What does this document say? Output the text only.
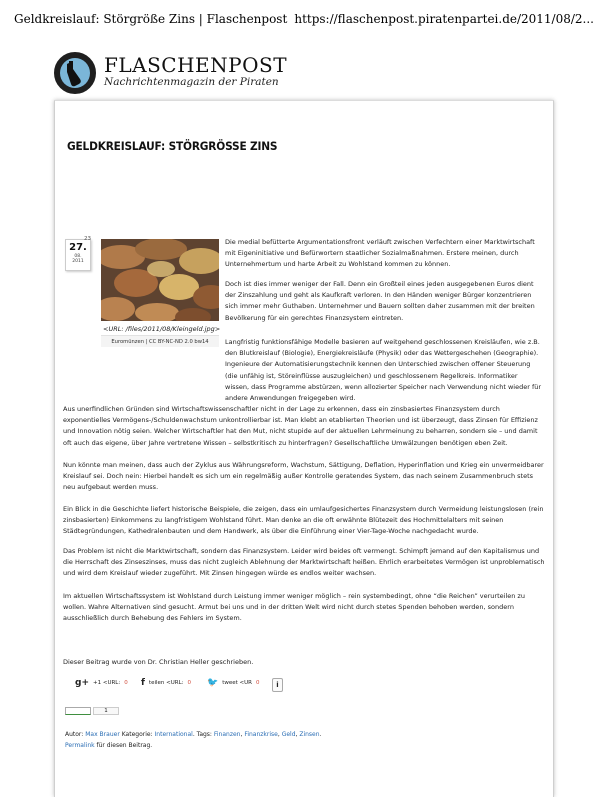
Geldkreislauf: Störgröße Zins | Flaschenpost https://flaschenpost.piratenpartei.de/2011/08/2...
FLASCHENPOST
Nachrichtenmagazin der Piraten
GELDKREISLAUF: STÖRGRÖSSE ZINS
27.
08.
2011
23
<URL: /files/2011/08/Kleingeld.jpg>
Euromünzen | CC BY-NC-ND 2.0 bw14

Die medial befütterte Argumentationsfront verläuft zwischen Verfechtern einer Marktwirtschaft mit Eigeninitiative und Befürwortern staatlicher Sozialmaßnahmen. Erstere meinen, durch Unternehmertum und harte Arbeit zu Wohlstand kommen zu können.

Doch ist dies immer weniger der Fall. Denn ein Großteil eines jeden ausgegebenen Euros dient der Zinszahlung und geht als Kaufkraft verloren. In den Händen weniger Bürger konzentrieren sich immer mehr Guthaben. Unternehmer und Bauern sollten daher zusammen mit der breiten Bevölkerung für ein gerechtes Finanzsystem eintreten.

Langfristig funktionsfähige Modelle basieren auf weitgehend geschlossenen Kreisläufen, wie z.B. den Blutkreislauf (Biologie), Energiekreisläufe (Physik) oder das Wettergeschehen (Geographie). Ingenieure der Automatisierungstechnik kennen den Unterschied zwischen offener Steuerung (die unfähig ist, Störeinflüsse auszugleichen) und geschlossenem Regelkreis. Informatiker wissen, dass Programme abstürzen, wenn allozierter Speicher nach Verwendung nicht wieder für andere Anwendungen freigegeben wird.

Aus unerfindlichen Gründen sind Wirtschaftswissenschaftler nicht in der Lage zu erkennen, dass ein zinsbasiertes Finanzsystem durch exponentielles Vermögens-/Schuldenwachstum unkontrollierbar ist. Man klebt an etablierten Theorien und ist überzeugt, dass Zinsen für Effizienz und Innovation nötig seien. Welcher Wirtschaftler hat den Mut, nicht stupide auf der aktuellen Lehrmeinung zu beharren, sondern sie – und damit oft auch das eigene, über Jahre vertretene Wissen – selbstkritisch zu hinterfragen? Gesellschaftliche Umwälzungen benötigen eben Zeit.

Nun könnte man meinen, dass auch der Zyklus aus Währungsreform, Wachstum, Sättigung, Deflation, Hyperinflation und Krieg ein unvermeidbarer Kreislauf sei. Doch nein: Hierbei handelt es sich um ein regelmäßig außer Kontrolle geratendes System, das nach seinem Zusammenbruch stets neu aufgebaut werden muss.

Ein Blick in die Geschichte liefert historische Beispiele, die zeigen, dass ein umlaufgesichertes Finanzsystem durch Vermeidung leistungslosen (rein zinsbasierten) Einkommens zu langfristigem Wohlstand führt. Man denke an die oft erwähnte Blütezeit des Hochmittelalters mit seinen Städtegründungen, Kathedralenbauten und dem Handwerk, als über die Einführung einer Vier-Tage-Woche nachgedacht wurde.

Das Problem ist nicht die Marktwirtschaft, sondern das Finanzsystem. Leider wird beides oft vermengt. Schimpft jemand auf den Kapitalismus und die Herrschaft des Zinseszinses, muss das nicht zugleich Ablehnung der Marktwirtschaft heißen. Ehrlich erarbeitetes Vermögen ist unproblematisch und wird dem Kreislauf wieder zugeführt. Mit Zinsen hingegen würde es endlos weiter wachsen.

Im aktuellen Wirtschaftssystem ist Wohlstand durch Leistung immer weniger möglich – rein systembedingt, ohne “die Reichen” verurteilen zu wollen. Wahre Alternativen sind gesucht. Armut bei uns und in der dritten Welt wird nicht durch stetes Spenden behoben werden, sondern ausschließlich durch Behebung des Fehlers im System.

Dieser Beitrag wurde von Dr. Christian Heller geschrieben.

g+ +1 <URL: 0 f teilen <URL: 0 🐦 tweet <UR 0	i
1
Autor: Max Brauer Kategorie: International. Tags: Finanzen, Finanzkrise, Geld, Zinsen.
Permalink für diesen Beitrag.
